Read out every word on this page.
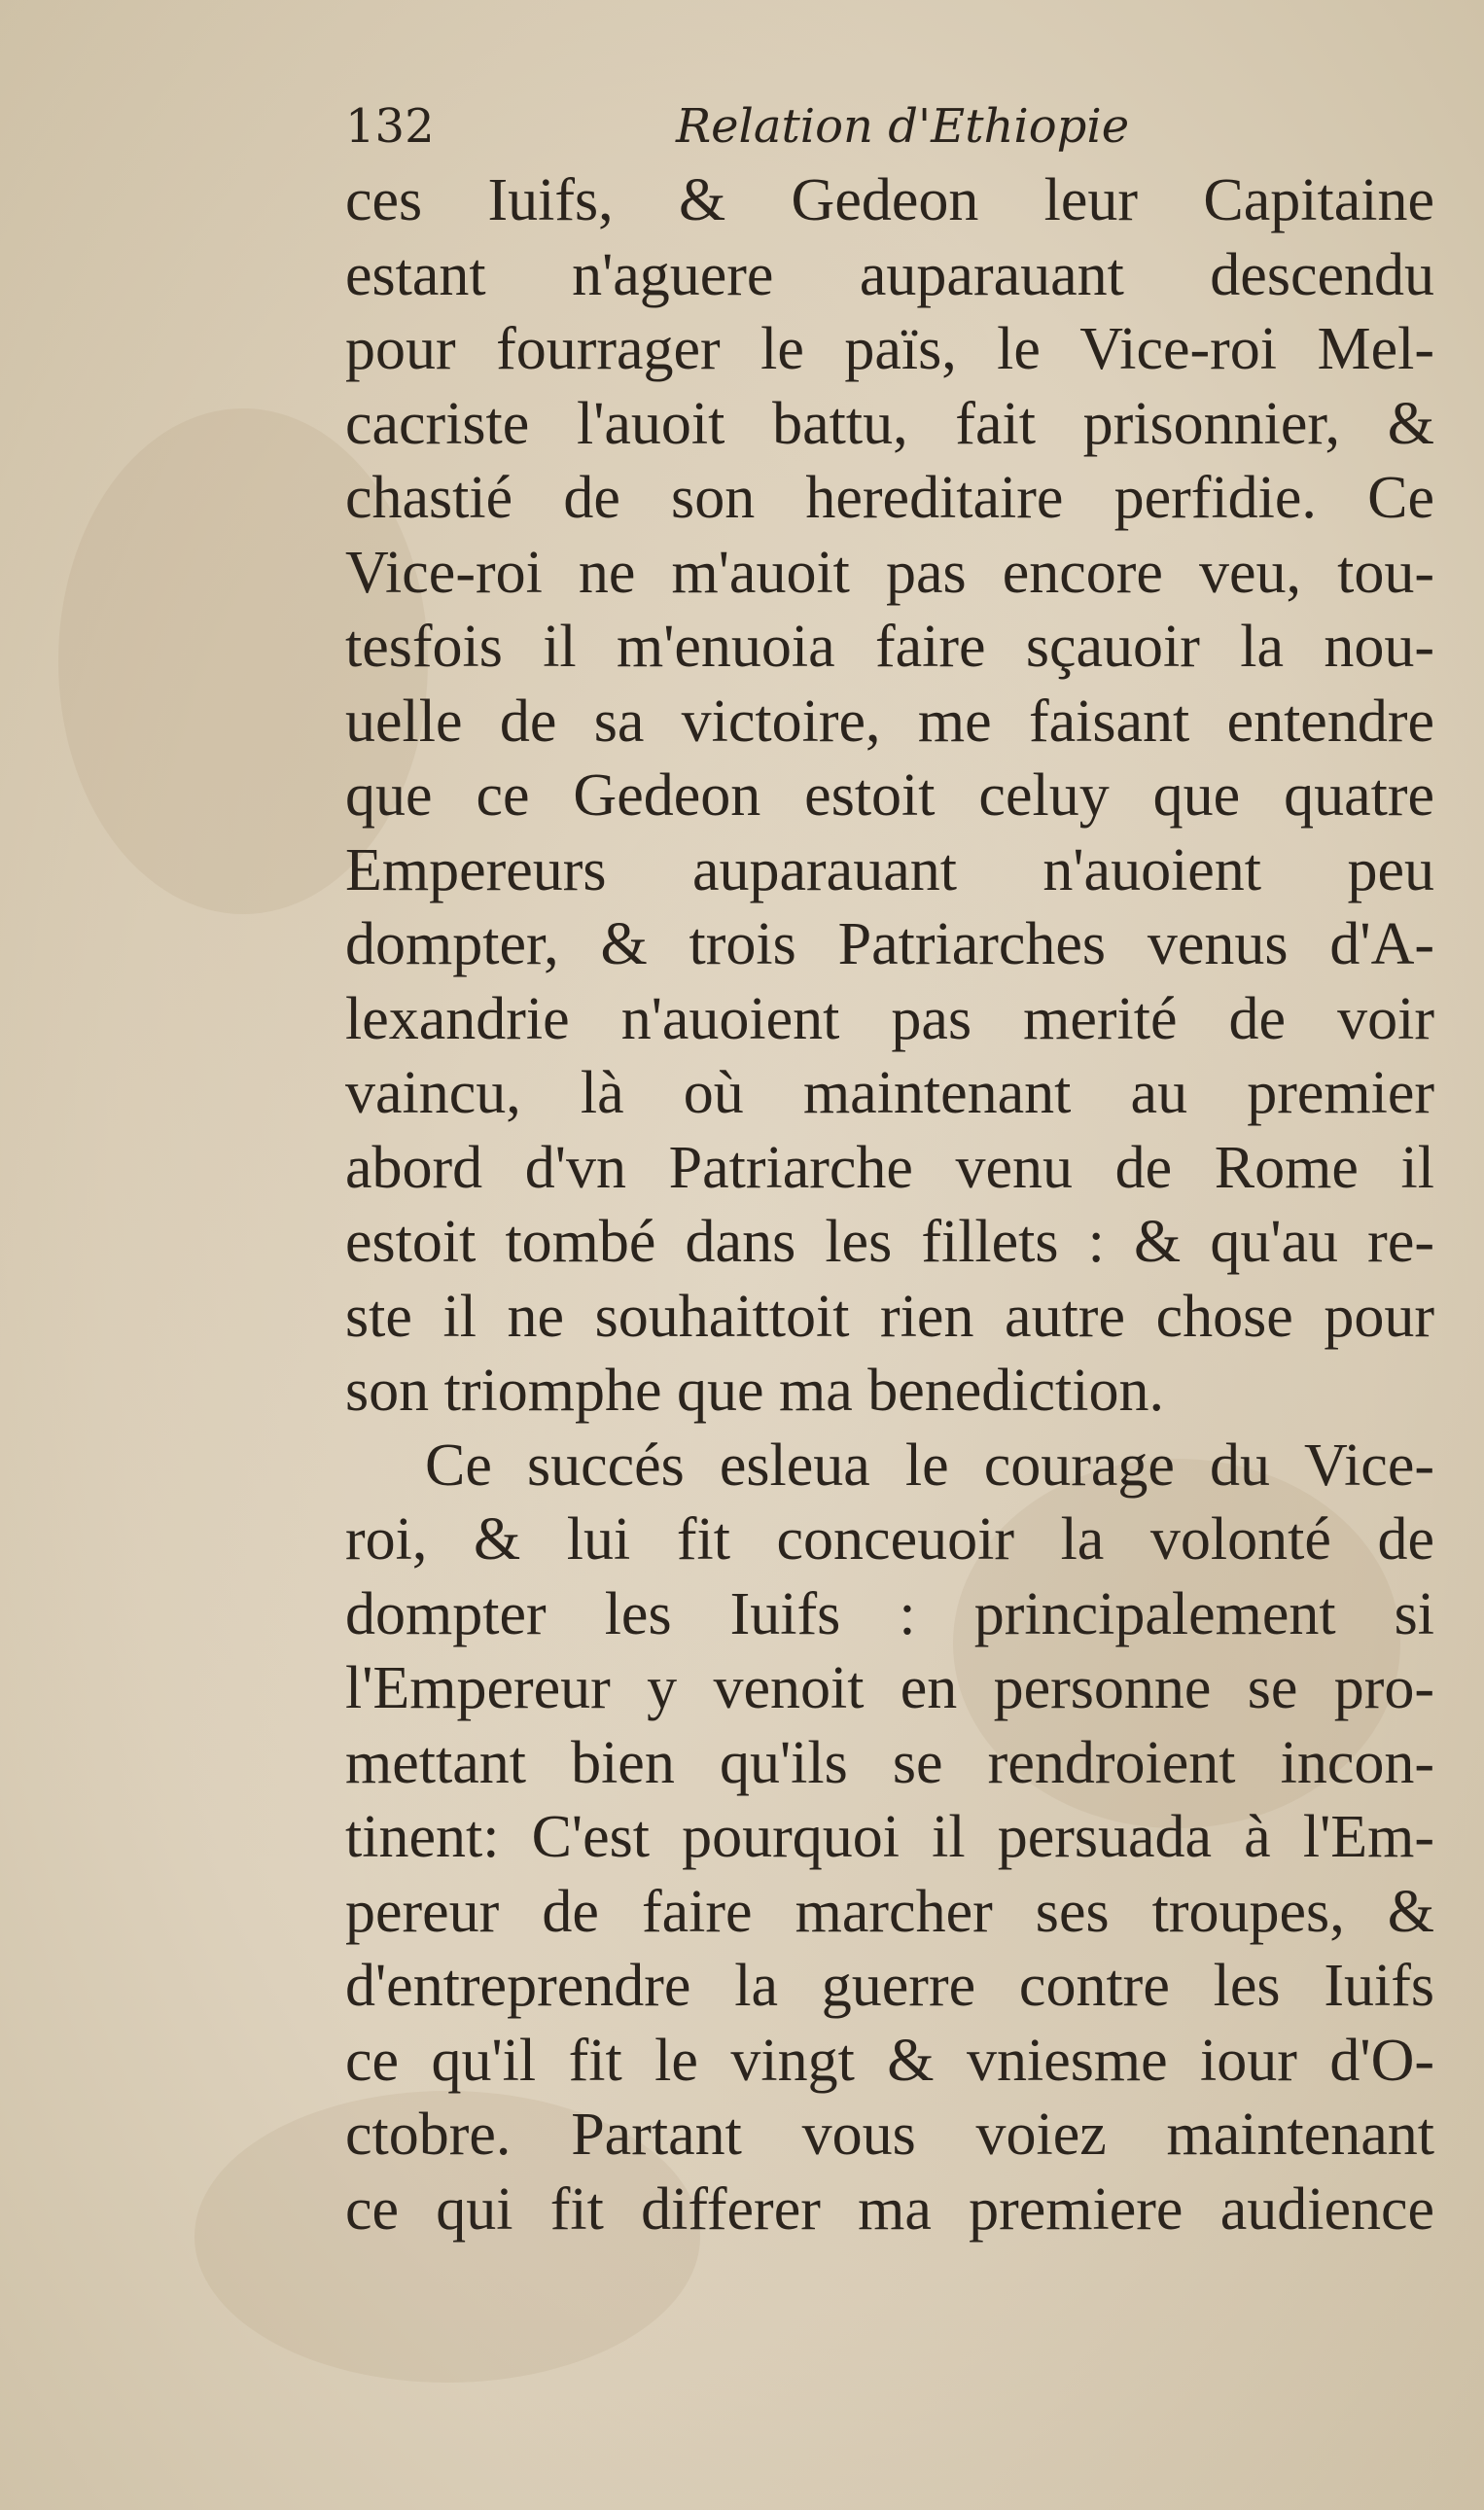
132	Relation d'Ethiopie
ces Iuifs, & Gedeon leur Capitaine
estant n'aguere auparauant descendu
pour fourrager le païs, le Vice-roi Mel-
cacriste l'auoit battu, fait prisonnier, &
chastié de son hereditaire perfidie. Ce
Vice-roi ne m'auoit pas encore veu, tou-
tesfois il m'enuoia faire sçauoir la nou-
uelle de sa victoire, me faisant entendre
que ce Gedeon estoit celuy que quatre
Empereurs auparauant n'auoient peu
dompter, & trois Patriarches venus d'A-
lexandrie n'auoient pas merité de voir
vaincu, là où maintenant au premier
abord d'vn Patriarche venu de Rome il
estoit tombé dans les fillets : & qu'au re-
ste il ne souhaittoit rien autre chose pour
son triomphe que ma benediction.
Ce succés esleua le courage du Vice-
roi, & lui fit conceuoir la volonté de
dompter les Iuifs : principalement si
l'Empereur y venoit en personne se pro-
mettant bien qu'ils se rendroient incon-
tinent: C'est pourquoi il persuada à l'Em-
pereur de faire marcher ses troupes, &
d'entreprendre la guerre contre les Iuifs
ce qu'il fit le vingt & vniesme iour d'O-
ctobre. Partant vous voiez maintenant
ce qui fit differer ma premiere audience
